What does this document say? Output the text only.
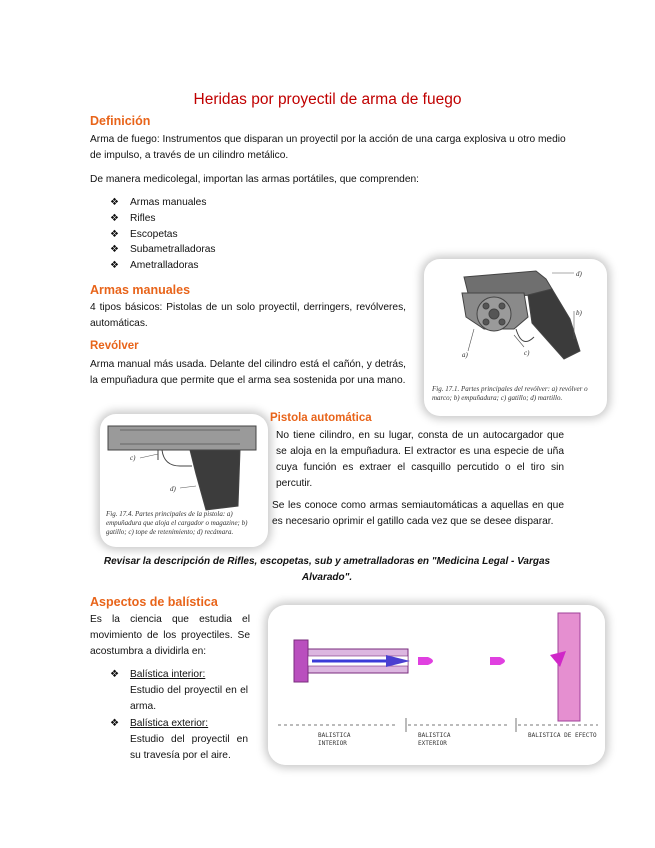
Heridas por proyectil de arma de fuego
Definición
Arma de fuego: Instrumentos que disparan un proyectil por la acción de una carga explosiva u otro medio de impulso, a través de un cilindro metálico.
De manera medicolegal, importan las armas portátiles, que comprenden:
❖ Armas manuales
❖ Rifles
❖ Escopetas
❖ Subametralladoras
❖ Ametralladoras
Armas manuales
4 tipos básicos: Pistolas de un solo proyectil, derringers, revólveres, automáticas.
Revólver
Arma manual más usada. Delante del cilindro está el cañón, y detrás, la empuñadura que permite que el arma sea sostenida por una mano.
d)
a)
b)
c)
Fig. 17.1. Partes principales del revólver: a) revólver o marco; b) empuñadura; c) gatillo; d) martillo.
c)
d)
Fig. 17.4. Partes principales de la pistola: a) empuñadura que aloja el cargador o magazine; b) gatillo; c) tope de retenimiento; d) recámara.
Pistola automática
No tiene cilindro, en su lugar, consta de un autocargador que se aloja en la empuñadura. El extractor es una especie de uña cuya función es extraer el casquillo percutido o el tiro sin percutir.
Se les conoce como armas semiautomáticas a aquellas en que es necesario oprimir el gatillo cada vez que se desee disparar.
Revisar la descripción de Rifles, escopetas, sub y ametralladoras en "Medicina Legal - Vargas Alvarado".
Aspectos de balística
Es la ciencia que estudia el movimiento de los proyectiles. Se acostumbra a dividirla en:
❖ Balística interior:
Estudio del proyectil en el arma.
❖ Balística exterior:
Estudio del proyectil en su travesía por el aire.
BALISTICA INTERIOR
BALISTICA EXTERIOR
BALISTICA DE EFECTO
